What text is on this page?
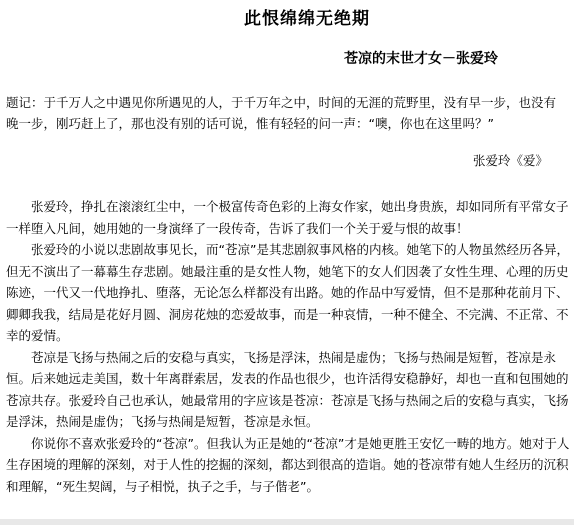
此恨绵绵无绝期
苍凉的末世才女－张爱玲
题记：于千万人之中遇见你所遇见的人，于千万年之中，时间的无涯的荒野里，没有早一步，也没有晚一步，刚巧赶上了，那也没有别的话可说，惟有轻轻的问一声：“噢，你也在这里吗？”
张爱玲《爱》

张爱玲，挣扎在滚滚红尘中，一个极富传奇色彩的上海女作家，她出身贵族，却如同所有平常女子一样堕入凡间，她用她的一身演绎了一段传奇，告诉了我们一个关于爱与恨的故事！

张爱玲的小说以悲剧故事见长，而“苍凉”是其悲剧叙事风格的内核。她笔下的人物虽然经历各异，但无不演出了一幕幕生存悲剧。她最注重的是女性人物，她笔下的女人们因袭了女性生理、心理的历史陈迹，一代又一代地挣扎、堕落，无论怎么样都没有出路。她的作品中写爱情，但不是那种花前月下、卿卿我我，结局是花好月圆、洞房花烛的恋爱故事，而是一种哀情，一种不健全、不完满、不正常、不幸的爱情。

苍凉是飞扬与热闹之后的安稳与真实，飞扬是浮沫，热闹是虚伪；飞扬与热闹是短暂，苍凉是永恒。后来她远走美国，数十年离群索居，发表的作品也很少，也许活得安稳静好，却也一直和包围她的苍凉共存。张爱玲自己也承认，她最常用的字应该是苍凉：苍凉是飞扬与热闹之后的安稳与真实，飞扬是浮沫，热闹是虚伪；飞扬与热闹是短暂，苍凉是永恒。

你说你不喜欢张爱玲的“苍凉”。但我认为正是她的“苍凉”才是她更胜王安忆一畴的地方。她对于人生存困境的理解的深刻，对于人性的挖掘的深刻，都达到很高的造诣。她的苍凉带有她人生经历的沉积和理解，“死生契阔，与子相悦，执子之手，与子偕老”。
